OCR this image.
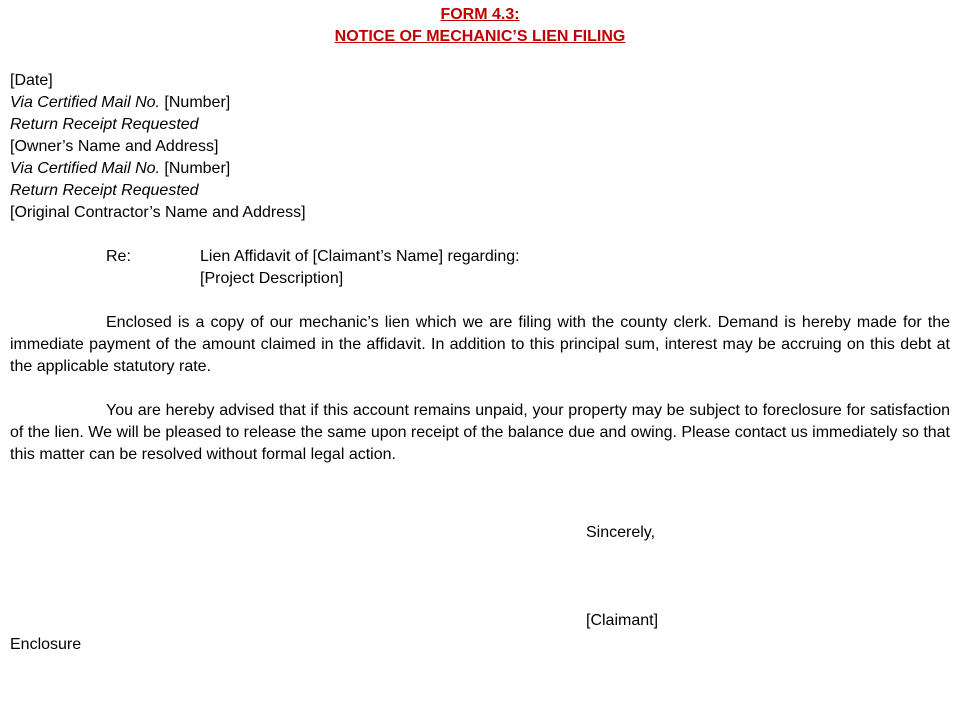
FORM 4.3:
NOTICE OF MECHANIC’S LIEN FILING
[Date]
Via Certified Mail No. [Number]
Return Receipt Requested
[Owner’s Name and Address]
Via Certified Mail No. [Number]
Return Receipt Requested
[Original Contractor’s Name and Address]
Re:	Lien Affidavit of [Claimant’s Name] regarding:
[Project Description]

Enclosed is a copy of our mechanic’s lien which we are filing with the county clerk. Demand is hereby made for the immediate payment of the amount claimed in the affidavit. In addition to this principal sum, interest may be accruing on this debt at the applicable statutory rate.

You are hereby advised that if this account remains unpaid, your property may be subject to foreclosure for satisfaction of the lien. We will be pleased to release the same upon receipt of the balance due and owing. Please contact us immediately so that this matter can be resolved without formal legal action.

Sincerely,
[Claimant]
Enclosure
